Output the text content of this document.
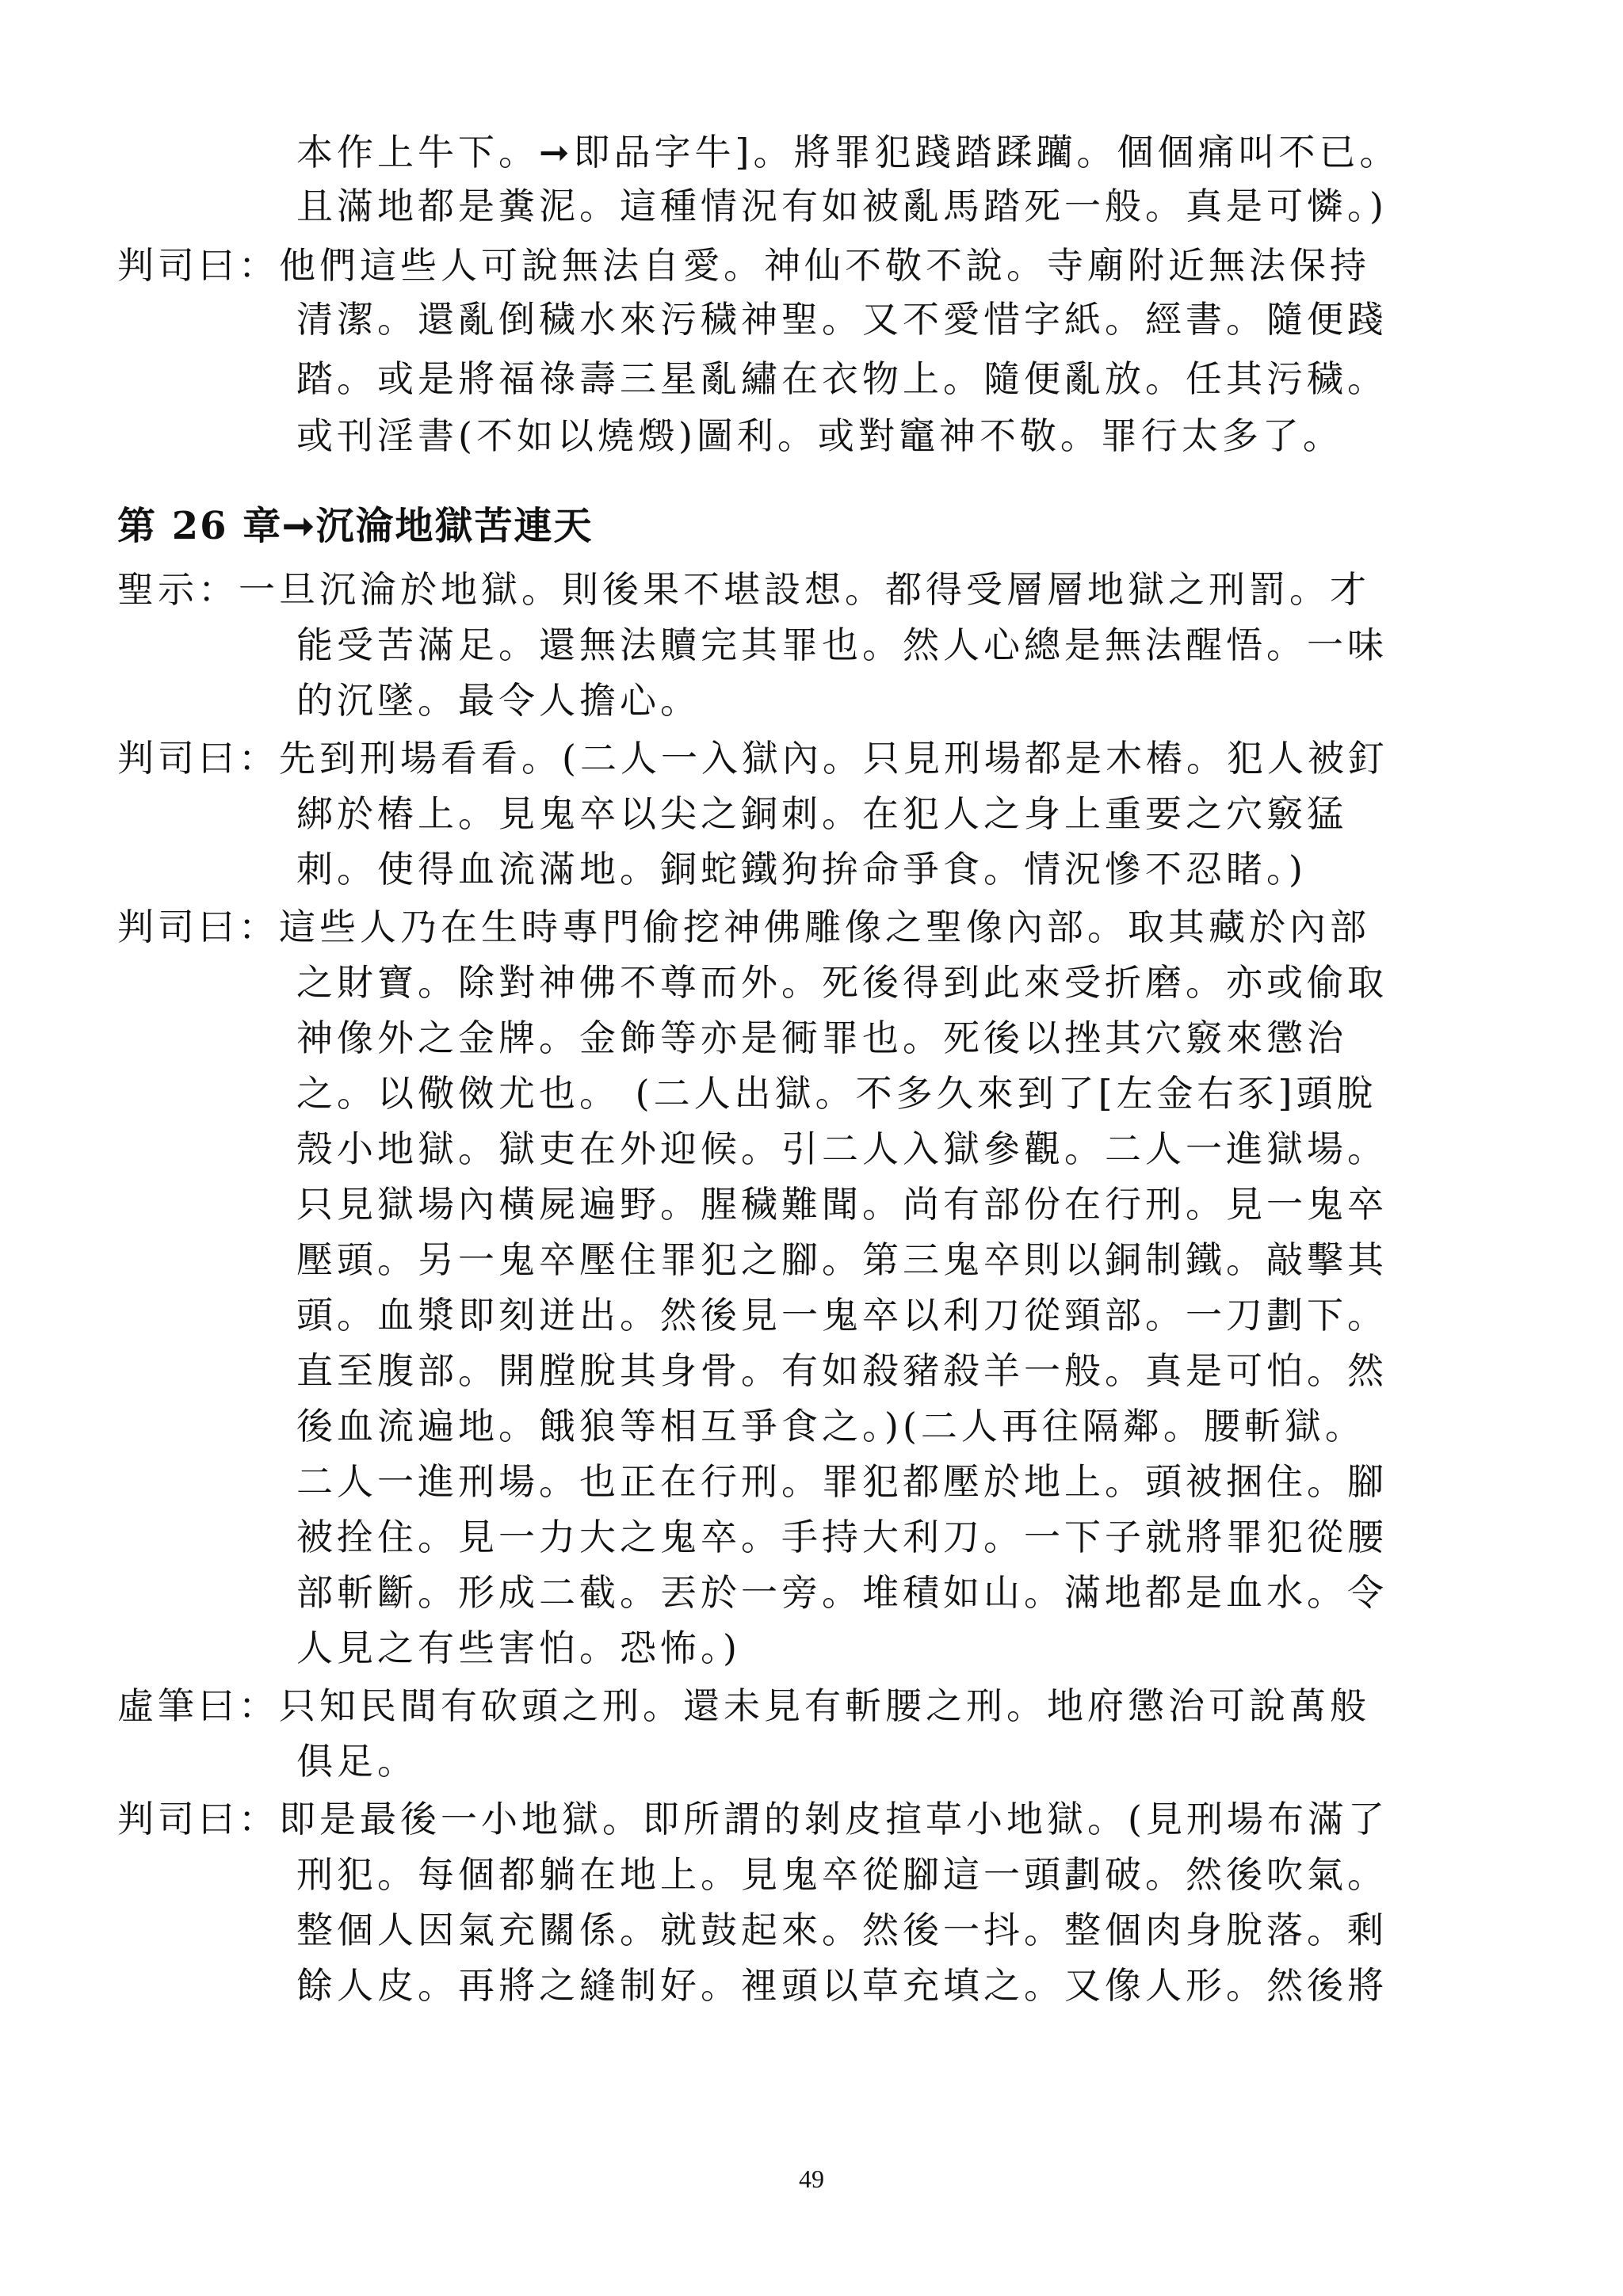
本作上牛下。➞即品字牛]。將罪犯踐踏蹂躪。個個痛叫不已。
且滿地都是糞泥。這種情況有如被亂馬踏死一般。真是可憐。)
判司曰：他們這些人可說無法自愛。神仙不敬不說。寺廟附近無法保持
清潔。還亂倒穢水來污穢神聖。又不愛惜字紙。經書。隨便踐
踏。或是將福祿壽三星亂繡在衣物上。隨便亂放。任其污穢。
或刊淫書(不如以燒燬)圖利。或對竈神不敬。罪行太多了。
第 26 章➞沉淪地獄苦連天
聖示：一旦沉淪於地獄。則後果不堪設想。都得受層層地獄之刑罰。才
能受苦滿足。還無法贖完其罪也。然人心總是無法醒悟。一味
的沉墜。最令人擔心。
判司曰：先到刑場看看。(二人一入獄內。只見刑場都是木樁。犯人被釘
綁於樁上。見鬼卒以尖之銅刺。在犯人之身上重要之穴竅猛
刺。使得血流滿地。銅蛇鐵狗拚命爭食。情況慘不忍睹。)
判司曰：這些人乃在生時專門偷挖神佛雕像之聖像內部。取其藏於內部
之財寶。除對神佛不尊而外。死後得到此來受折磨。亦或偷取
神像外之金牌。金飾等亦是衕罪也。死後以挫其穴竅來懲治
之。以儆傚尤也。 (二人出獄。不多久來到了[左金右豕]頭脫
殼小地獄。獄吏在外迎候。引二人入獄參觀。二人一進獄場。
只見獄場內橫屍遍野。腥穢難聞。尚有部份在行刑。見一鬼卒
壓頭。另一鬼卒壓住罪犯之腳。第三鬼卒則以銅制鐵。敲擊其
頭。血漿即刻迸出。然後見一鬼卒以利刀從頸部。一刀劃下。
直至腹部。開膛脫其身骨。有如殺豬殺羊一般。真是可怕。然
後血流遍地。餓狼等相互爭食之。)(二人再往隔鄰。腰斬獄。
二人一進刑場。也正在行刑。罪犯都壓於地上。頭被捆住。腳
被拴住。見一力大之鬼卒。手持大利刀。一下子就將罪犯從腰
部斬斷。形成二截。丟於一旁。堆積如山。滿地都是血水。令
人見之有些害怕。恐怖。)
虛筆曰：只知民間有砍頭之刑。還未見有斬腰之刑。地府懲治可說萬般
俱足。
判司曰：即是最後一小地獄。即所謂的剝皮揎草小地獄。(見刑場布滿了
刑犯。每個都躺在地上。見鬼卒從腳這一頭劃破。然後吹氣。
整個人因氣充關係。就鼓起來。然後一抖。整個肉身脫落。剩
餘人皮。再將之縫制好。裡頭以草充填之。又像人形。然後將
49
